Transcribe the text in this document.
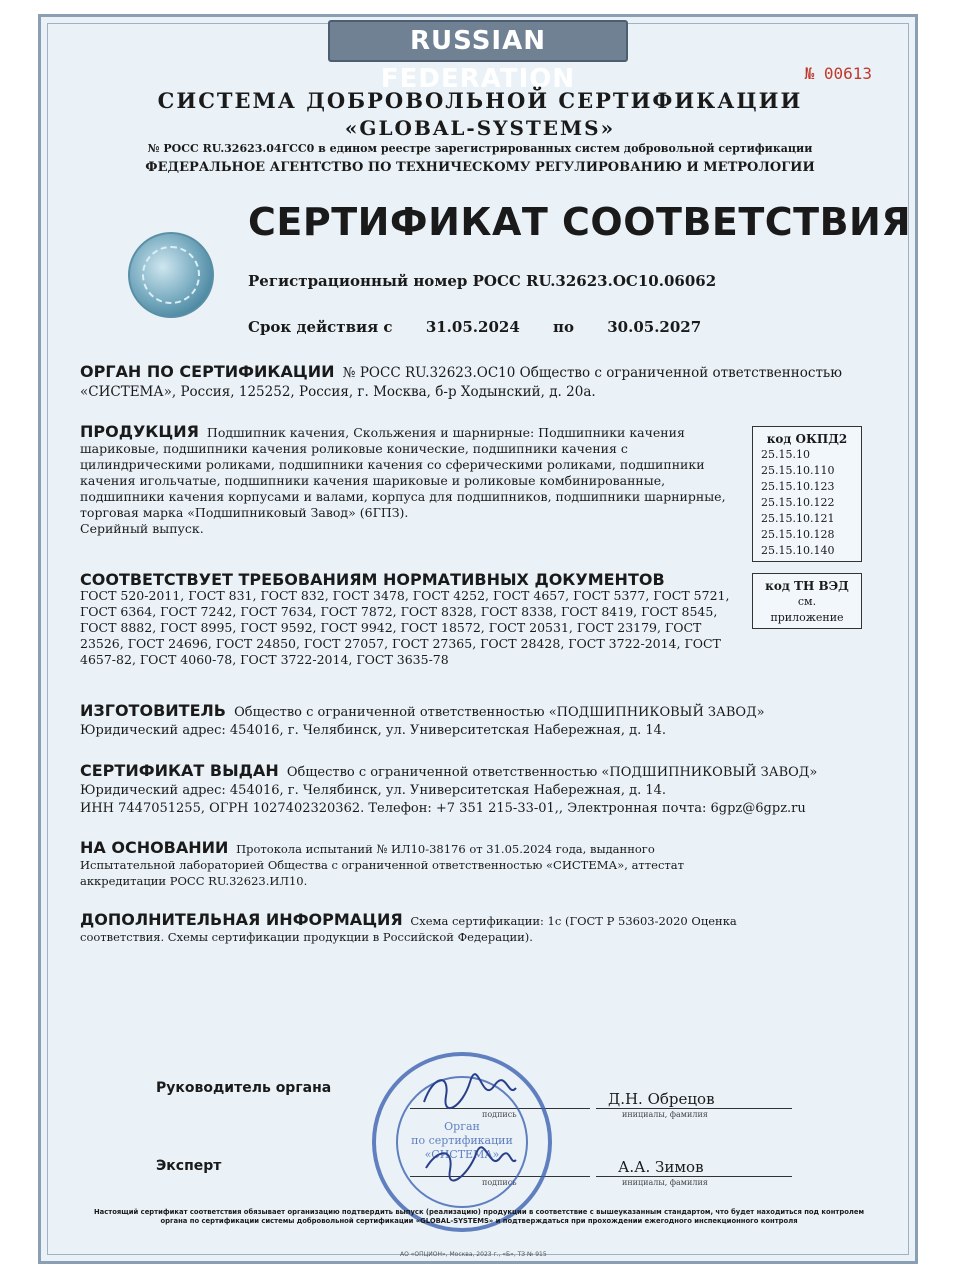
RUSSIAN FEDERATION	№ 00613
СИСТЕМА ДОБРОВОЛЬНОЙ СЕРТИФИКАЦИИ
«GLOBAL-SYSTEMS»
№ РОСС RU.32623.04ГСС0 в едином реестре зарегистрированных систем добровольной сертификации
ФЕДЕРАЛЬНОЕ АГЕНТСТВО ПО ТЕХНИЧЕСКОМУ РЕГУЛИРОВАНИЮ И МЕТРОЛОГИИ
СЕРТИФИКАТ СООТВЕТСТВИЯ
Регистрационный номер РОСС RU.32623.ОС10.06062
Срок действия с 31.05.2024 по 30.05.2027
ОРГАН ПО СЕРТИФИКАЦИИ № РОСС RU.32623.ОС10 Общество с ограниченной ответственностью «СИСТЕМА», Россия, 125252, Россия, г. Москва, б-р Ходынский, д. 20а.
ПРОДУКЦИЯ Подшипник качения, Скольжения и шарнирные: Подшипники качения шариковые, подшипники качения роликовые конические, подшипники качения с цилиндрическими роликами, подшипники качения со сферическими роликами, подшипники качения игольчатые, подшипники качения шариковые и роликовые комбинированные, подшипники качения корпусами и валами, корпуса для подшипников, подшипники шарнирные, торговая марка «Подшипниковый Завод» (6ГПЗ).
Серийный выпуск.
код ОКПД2
25.15.10
25.15.10.110
25.15.10.123
25.15.10.122
25.15.10.121
25.15.10.128
25.15.10.140
код ТН ВЭД
см.
приложение
СООТВЕТСТВУЕТ ТРЕБОВАНИЯМ НОРМАТИВНЫХ ДОКУМЕНТОВ
ГОСТ 520-2011, ГОСТ 831, ГОСТ 832, ГОСТ 3478, ГОСТ 4252, ГОСТ 4657, ГОСТ 5377, ГОСТ 5721, ГОСТ 6364, ГОСТ 7242, ГОСТ 7634, ГОСТ 7872, ГОСТ 8328, ГОСТ 8338, ГОСТ 8419, ГОСТ 8545, ГОСТ 8882, ГОСТ 8995, ГОСТ 9592, ГОСТ 9942, ГОСТ 18572, ГОСТ 20531, ГОСТ 23179, ГОСТ 23526, ГОСТ 24696, ГОСТ 24850, ГОСТ 27057, ГОСТ 27365, ГОСТ 28428, ГОСТ 3722-2014, ГОСТ 4657-82, ГОСТ 4060-78, ГОСТ 3722-2014, ГОСТ 3635-78
ИЗГОТОВИТЕЛЬ Общество с ограниченной ответственностью «ПОДШИПНИКОВЫЙ ЗАВОД»
Юридический адрес: 454016, г. Челябинск, ул. Университетская Набережная, д. 14.
СЕРТИФИКАТ ВЫДАН Общество с ограниченной ответственностью «ПОДШИПНИКОВЫЙ ЗАВОД»
Юридический адрес: 454016, г. Челябинск, ул. Университетская Набережная, д. 14.
ИНН 7447051255, ОГРН 1027402320362. Телефон: +7 351 215-33-01,, Электронная почта: 6gpz@6gpz.ru
НА ОСНОВАНИИ Протокола испытаний № ИЛ10-38176 от 31.05.2024 года, выданного Испытательной лабораторией Общества с ограниченной ответственностью «СИСТЕМА», аттестат аккредитации РОСС RU.32623.ИЛ10.
ДОПОЛНИТЕЛЬНАЯ ИНФОРМАЦИЯ Схема сертификации: 1с (ГОСТ Р 53603-2020 Оценка соответствия. Схемы сертификации продукции в Российской Федерации).
Руководитель органа
подпись
Д.Н. Обрецов
инициалы, фамилия
Эксперт
подпись
А.А. Зимов
инициалы, фамилия
Орган
по сертификации
«СИСТЕМА»
Настоящий сертификат соответствия обязывает организацию подтвердить выпуск (реализацию) продукции в соответствие с вышеуказанным стандартом, что будет находиться под контролем органа по сертификации системы добровольной сертификации «GLOBAL-SYSTEMS» и подтверждаться при прохождении ежегодного инспекционного контроля
АО «ОПЦИОН», Москва, 2023 г., «Б», ТЗ № 915
